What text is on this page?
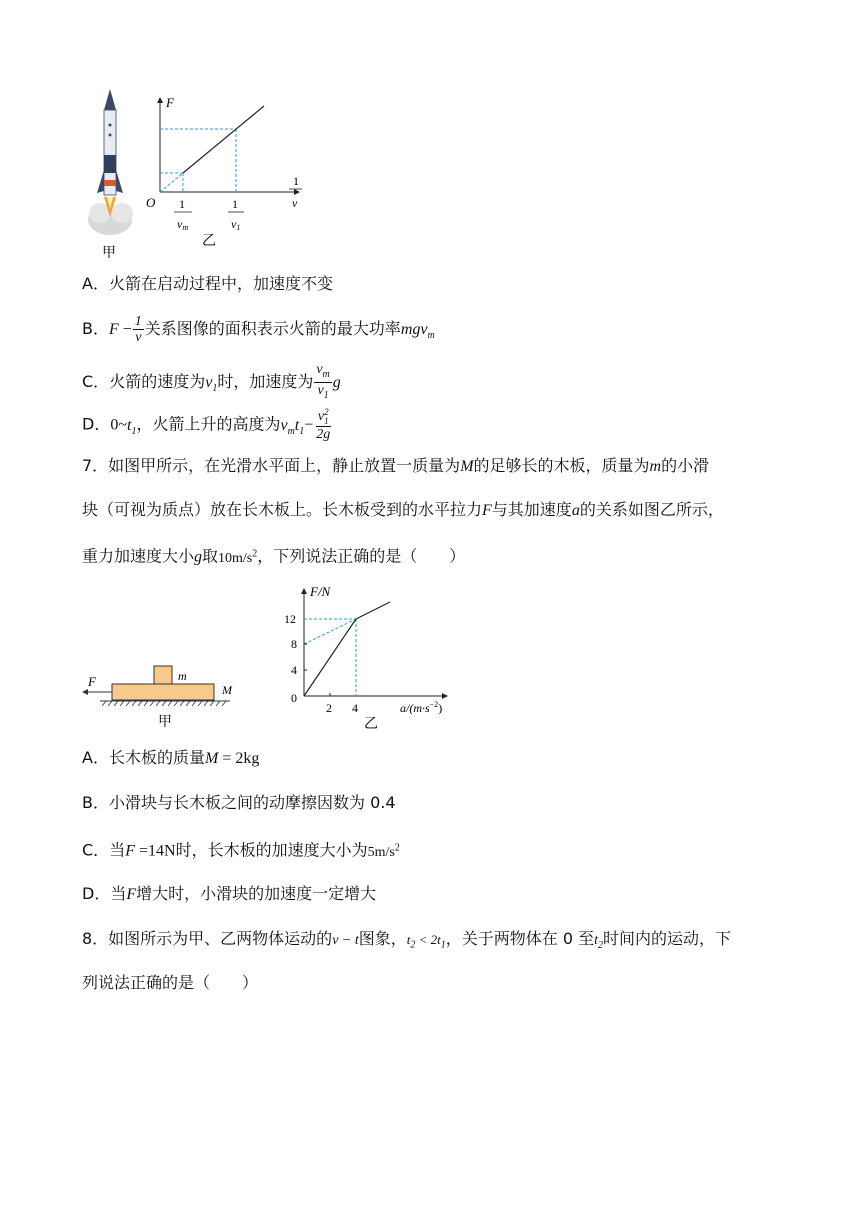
甲
F
1
v
O 1
vm
1
v1
乙
A．火箭在启动过程中，加速度不变
B．$F - \frac{1}{v}$ 关系图像的面积表示火箭的最大功率mgv$_m$
C．火箭的速度为$v_1$时，加速度为 $\frac{v_m}{v_1}$ g
D．$0\sim t_1$，火箭上升的高度为$v_mt_1- v$ 2
1
2g
7．如图甲所示，在光滑水平面上，静止放置一质量为M的足够长的木板，质量为m的小滑
块（可视为质点）放在长木板上。长木板受到的水平拉力F与其加速度a的关系如图乙所示，
重力加速度大小g取$10m/s^2$，下列说法正确的是（　　）
F	m
M
甲
F/N
12
8
4
0
2 4	$a/(m\cdot s^{-2})$
乙
A．长木板的质量M = 2kg
B．小滑块与长木板之间的动摩擦因数为 0.4
C．当F =14N时，长木板的加速度大小为$5m/s^2$
D．当F增大时，小滑块的加速度一定增大
8．如图所示为甲、乙两物体运动的v − t图象，$t_2 < 2t_1$，关于两物体在 0 至$t_2$时间内的运动，下
列说法正确的是（　　）
